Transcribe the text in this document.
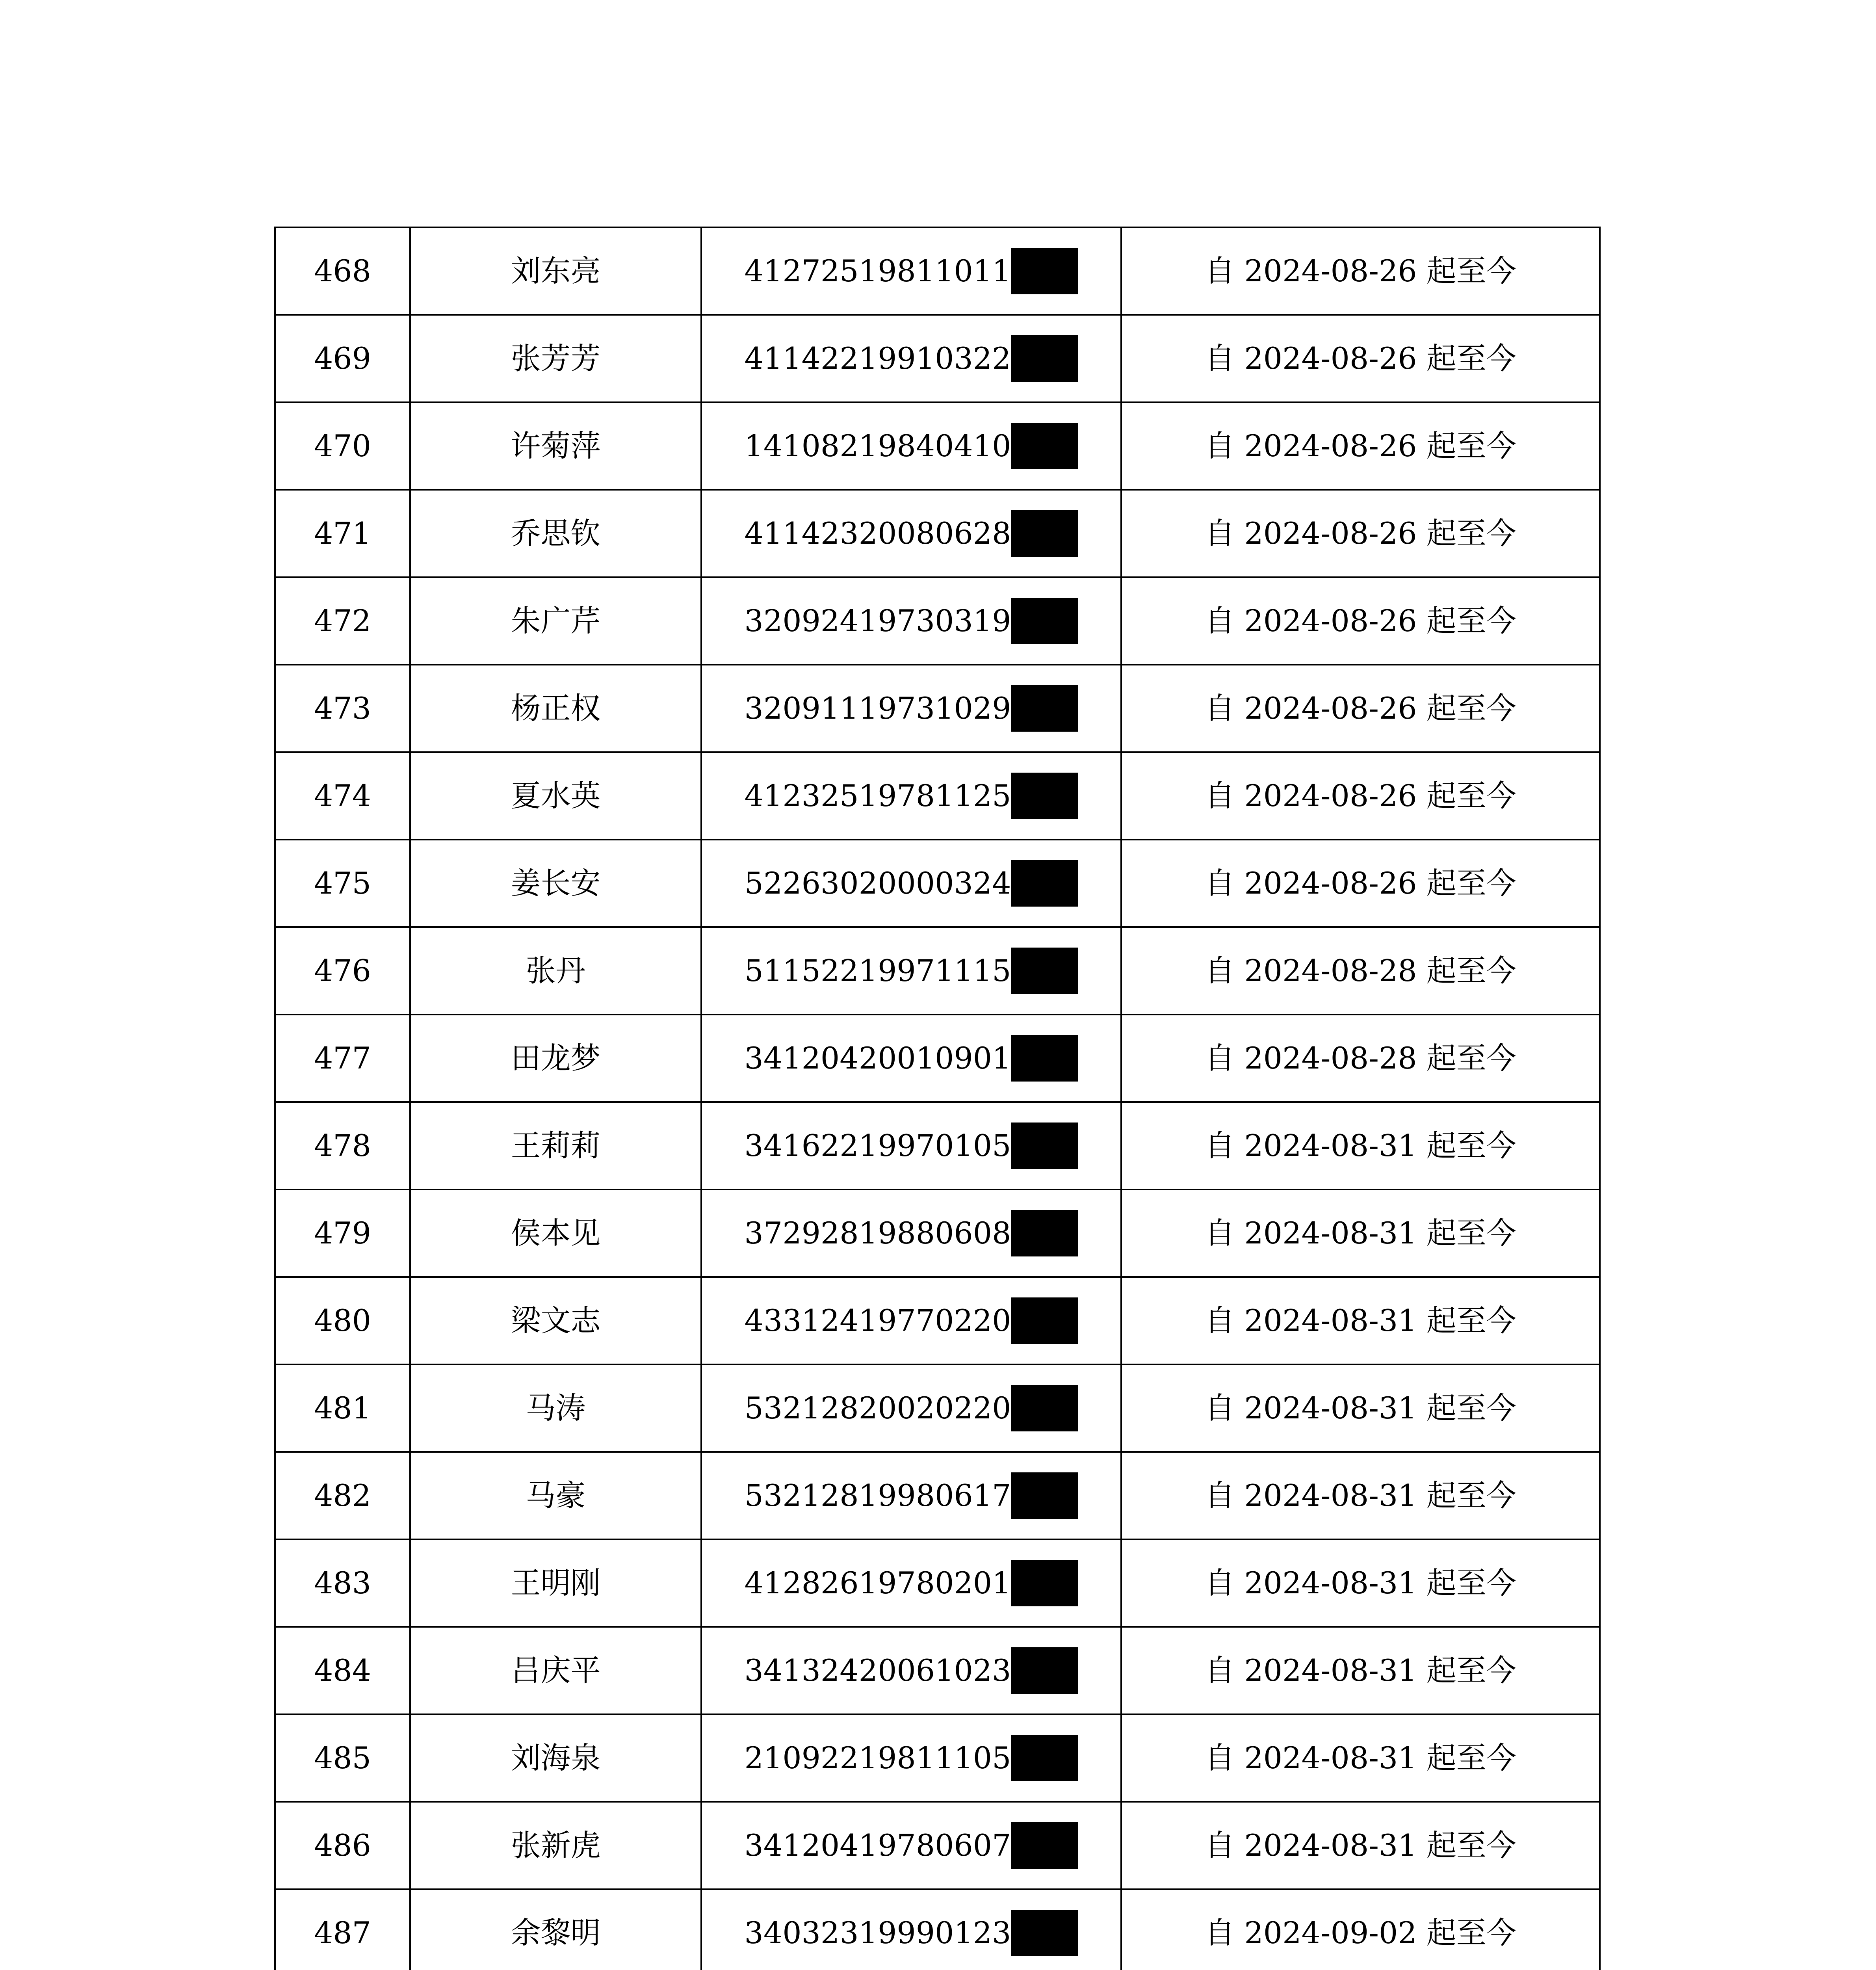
468	刘东亮	41272519811011	自 2024-08-26 起至今
469	张芳芳	41142219910322	自 2024-08-26 起至今
470	许菊萍	14108219840410	自 2024-08-26 起至今
471	乔思钦	41142320080628	自 2024-08-26 起至今
472	朱广芹	32092419730319	自 2024-08-26 起至今
473	杨正权	32091119731029	自 2024-08-26 起至今
474	夏水英	41232519781125	自 2024-08-26 起至今
475	姜长安	52263020000324	自 2024-08-26 起至今
476	张丹	51152219971115	自 2024-08-28 起至今
477	田龙梦	34120420010901	自 2024-08-28 起至今
478	王莉莉	34162219970105	自 2024-08-31 起至今
479	侯本见	37292819880608	自 2024-08-31 起至今
480	梁文志	43312419770220	自 2024-08-31 起至今
481	马涛	53212820020220	自 2024-08-31 起至今
482	马豪	53212819980617	自 2024-08-31 起至今
483	王明刚	41282619780201	自 2024-08-31 起至今
484	吕庆平	34132420061023	自 2024-08-31 起至今
485	刘海泉	21092219811105	自 2024-08-31 起至今
486	张新虎	34120419780607	自 2024-08-31 起至今
487	余黎明	34032319990123	自 2024-09-02 起至今
